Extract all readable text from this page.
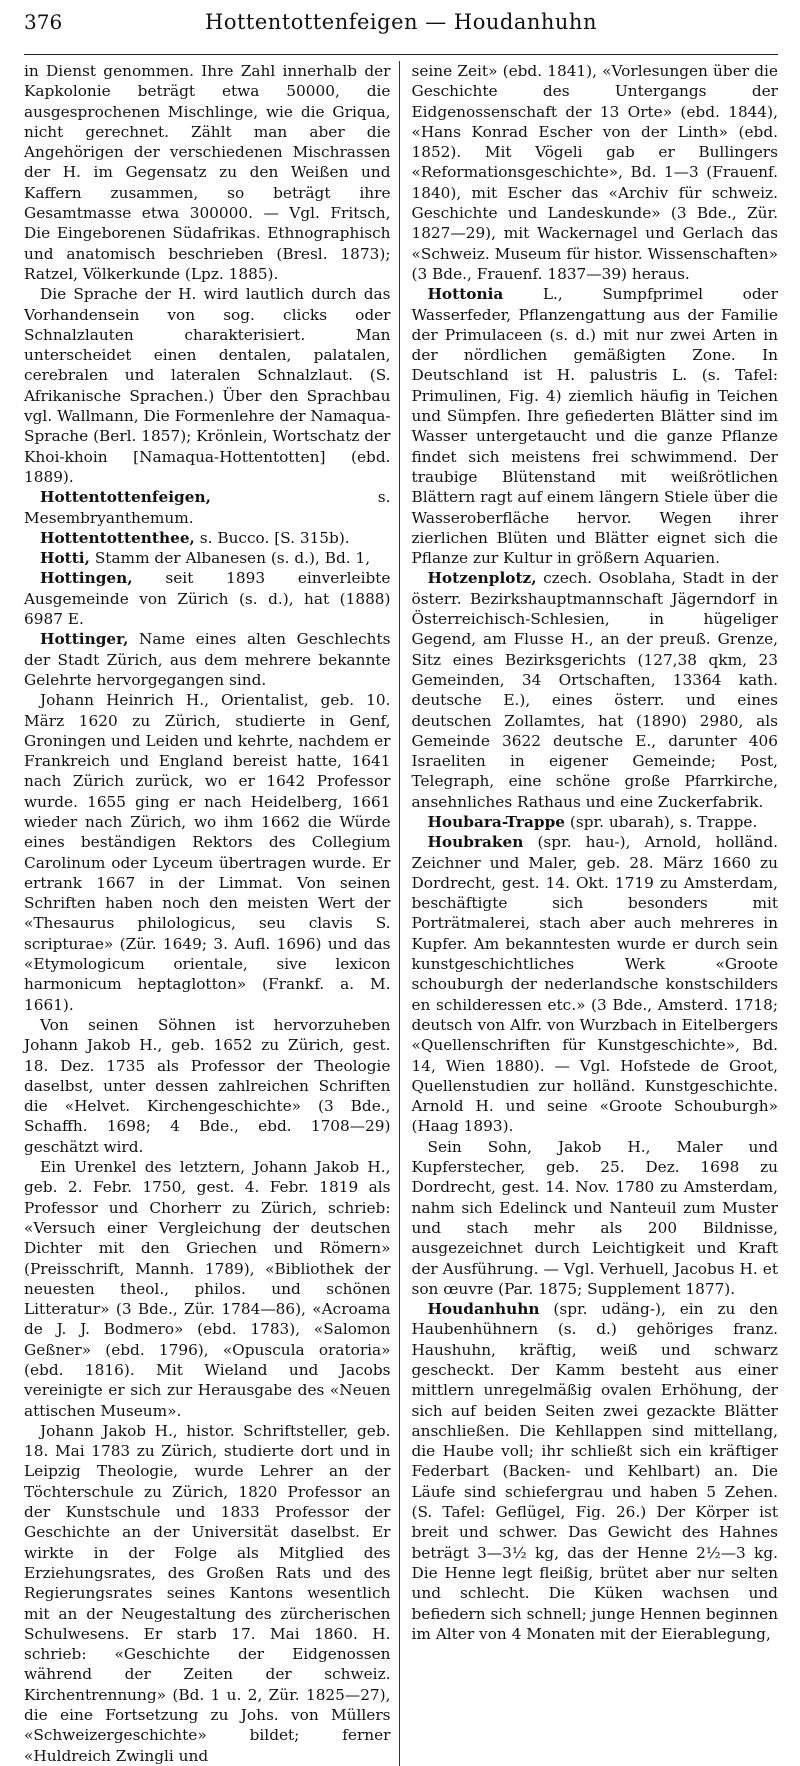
376	Hottentottenfeigen — Houdanhuhn

in Dienst genommen. Ihre Zahl innerhalb der Kapkolonie beträgt etwa 50000, die ausgesprochenen Mischlinge, wie die Griqua, nicht gerechnet. Zählt man aber die Angehörigen der verschiedenen Mischrassen der H. im Gegensatz zu den Weißen und Kaffern zusammen, so beträgt ihre Gesamtmasse etwa 300000. — Vgl. Fritsch, Die Eingeborenen Südafrikas. Ethnographisch und anatomisch beschrieben (Bresl. 1873); Ratzel, Völkerkunde (Lpz. 1885).

Die Sprache der H. wird lautlich durch das Vorhandensein von sog. clicks oder Schnalzlauten charakterisiert. Man unterscheidet einen dentalen, palatalen, cerebralen und lateralen Schnalzlaut. (S. Afrikanische Sprachen.) Über den Sprachbau vgl. Wallmann, Die Formenlehre der Namaqua-Sprache (Berl. 1857); Krönlein, Wortschatz der Khoi-khoin [Namaqua-Hottentotten] (ebd. 1889).

Hottentottenfeigen,	s. Mesembryanthemum.

Hottentottenthee, s. Bucco. [S. 315b).

Hotti, Stamm der Albanesen (s. d.), Bd. 1,

Hottingen, seit 1893 einverleibte Ausgemeinde von Zürich (s. d.), hat (1888) 6987 E.

Hottinger, Name eines alten Geschlechts der Stadt Zürich, aus dem mehrere bekannte Gelehrte hervorgegangen sind.

Johann Heinrich H., Orientalist, geb. 10. März 1620 zu Zürich, studierte in Genf, Groningen und Leiden und kehrte, nachdem er Frankreich und England bereist hatte, 1641 nach Zürich zurück, wo er 1642 Professor wurde. 1655 ging er nach Heidelberg, 1661 wieder nach Zürich, wo ihm 1662 die Würde eines beständigen Rektors des Collegium Carolinum oder Lyceum übertragen wurde. Er ertrank 1667 in der Limmat. Von seinen Schriften haben noch den meisten Wert der «Thesaurus philologicus, seu clavis S. scripturae» (Zür. 1649; 3. Aufl. 1696) und das «Etymologicum orientale, sive lexicon harmonicum heptaglotton» (Frankf. a. M. 1661).

Von seinen Söhnen ist hervorzuheben Johann Jakob H., geb. 1652 zu Zürich, gest. 18. Dez. 1735 als Professor der Theologie daselbst, unter dessen zahlreichen Schriften die «Helvet. Kirchengeschichte» (3 Bde., Schaffh. 1698; 4 Bde., ebd. 1708—29) geschätzt wird.

Ein Urenkel des letztern, Johann Jakob H., geb. 2. Febr. 1750, gest. 4. Febr. 1819 als Professor und Chorherr zu Zürich, schrieb: «Versuch einer Vergleichung der deutschen Dichter mit den Griechen und Römern» (Preisschrift, Mannh. 1789), «Bibliothek der neuesten theol., philos. und schönen Litteratur» (3 Bde., Zür. 1784—86), «Acroama de J. J. Bodmero» (ebd. 1783), «Salomon Geßner» (ebd. 1796), «Opuscula oratoria» (ebd. 1816). Mit Wieland und Jacobs vereinigte er sich zur Herausgabe des «Neuen attischen Museum».

Johann Jakob H., histor. Schriftsteller, geb. 18. Mai 1783 zu Zürich, studierte dort und in Leipzig Theologie, wurde Lehrer an der Töchterschule zu Zürich, 1820 Professor an der Kunstschule und 1833 Professor der Geschichte an der Universität daselbst. Er wirkte in der Folge als Mitglied des Erziehungsrates, des Großen Rats und des Regierungsrates seines Kantons wesentlich mit an der Neugestaltung des zürcherischen Schulwesens. Er starb 17. Mai 1860. H. schrieb: «Geschichte der Eidgenossen während der Zeiten der schweiz. Kirchentrennung» (Bd. 1 u. 2, Zür. 1825—27), die eine Fortsetzung zu Johs. von Müllers «Schweizergeschichte» bildet; ferner «Huldreich Zwingli und

seine Zeit» (ebd. 1841), «Vorlesungen über die Geschichte des Untergangs der Eidgenossenschaft der 13 Orte» (ebd. 1844), «Hans Konrad Escher von der Linth» (ebd. 1852). Mit Vögeli gab er Bullingers «Reformationsgeschichte», Bd. 1—3 (Frauenf. 1840), mit Escher das «Archiv für schweiz. Geschichte und Landeskunde» (3 Bde., Zür. 1827—29), mit Wackernagel und Gerlach das «Schweiz. Museum für histor. Wissenschaften» (3 Bde., Frauenf. 1837—39) heraus.

Hottonia	L., Sumpfprimel oder Wasserfeder, Pflanzengattung aus der Familie der Primulaceen (s. d.) mit nur zwei Arten in der nördlichen gemäßigten Zone. In Deutschland ist H. palustris L. (s. Tafel: Primulinen, Fig. 4) ziemlich häufig in Teichen und Sümpfen. Ihre gefiederten Blätter sind im Wasser untergetaucht und die ganze Pflanze findet sich meistens frei schwimmend. Der traubige Blütenstand mit weißrötlichen Blättern ragt auf einem längern Stiele über die Wasseroberfläche hervor. Wegen ihrer zierlichen Blüten und Blätter eignet sich die Pflanze zur Kultur in größern Aquarien.

Hotzenplotz, czech. Osoblaha, Stadt in der österr. Bezirkshauptmannschaft Jägerndorf in Österreichisch-Schlesien, in hügeliger Gegend, am Flusse H., an der preuß. Grenze, Sitz eines Bezirksgerichts (127,38 qkm, 23 Gemeinden, 34 Ortschaften, 13364 kath. deutsche E.), eines österr. und eines deutschen Zollamtes, hat (1890) 2980, als Gemeinde 3622 deutsche E., darunter 406 Israeliten in eigener Gemeinde; Post, Telegraph, eine schöne große Pfarrkirche, ansehnliches Rathaus und eine Zuckerfabrik.

Houbara-Trappe (spr. ubarah), s. Trappe.

Houbraken (spr. hau-), Arnold, holländ. Zeichner und Maler, geb. 28. März 1660 zu Dordrecht, gest. 14. Okt. 1719 zu Amsterdam, beschäftigte sich besonders mit Porträtmalerei, stach aber auch mehreres in Kupfer. Am bekanntesten wurde er durch sein kunstgeschichtliches Werk «Groote schouburgh der nederlandsche konstschilders en schilderessen etc.» (3 Bde., Amsterd. 1718; deutsch von Alfr. von Wurzbach in Eitelbergers «Quellenschriften für Kunstgeschichte», Bd. 14, Wien 1880). — Vgl. Hofstede de Groot, Quellenstudien zur holländ. Kunstgeschichte. Arnold H. und seine «Groote Schouburgh» (Haag 1893).

Sein Sohn, Jakob H., Maler und Kupferstecher, geb. 25. Dez. 1698 zu Dordrecht, gest. 14. Nov. 1780 zu Amsterdam, nahm sich Edelinck und Nanteuil zum Muster und stach mehr als 200 Bildnisse, ausgezeichnet durch Leichtigkeit und Kraft der Ausführung. — Vgl. Verhuell, Jacobus H. et son œuvre (Par. 1875; Supplement 1877).

Houdanhuhn (spr. udäng-), ein zu den Haubenhühnern (s. d.) gehöriges franz. Haushuhn, kräftig, weiß und schwarz gescheckt. Der Kamm besteht aus einer mittlern unregelmäßig ovalen Erhöhung, der sich auf beiden Seiten zwei gezackte Blätter anschließen. Die Kehllappen sind mittellang, die Haube voll; ihr schließt sich ein kräftiger Federbart (Backen- und Kehlbart) an. Die Läufe sind schiefergrau und haben 5 Zehen. (S. Tafel: Geflügel, Fig. 26.) Der Körper ist breit und schwer. Das Gewicht des Hahnes beträgt 3—3½ kg, das der Henne 2½—3 kg. Die Henne legt fleißig, brütet aber nur selten und schlecht. Die Küken wachsen und befiedern sich schnell; junge Hennen beginnen im Alter von 4 Monaten mit der Eierablegung,
